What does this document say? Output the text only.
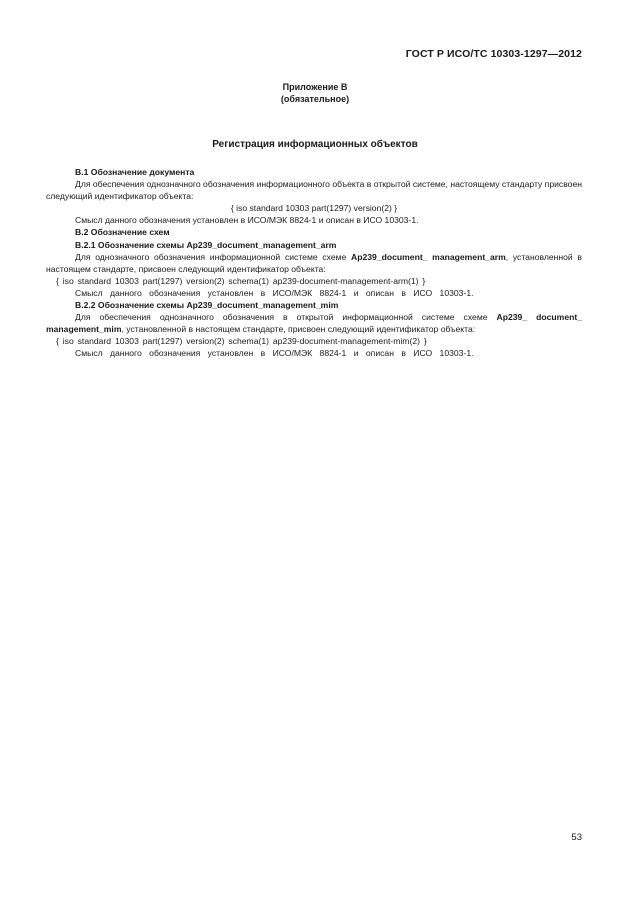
ГОСТ Р ИСО/ТС 10303-1297—2012
Приложение В
(обязательное)
Регистрация информационных объектов

В.1 Обозначение документа

Для обеспечения однозначного обозначения информационного объекта в открытой системе, настоящему стандарту присвоен следующий идентификатор объекта:

{ iso standard 10303 part(1297) version(2) }

Смысл данного обозначения установлен в ИСО/МЭК 8824-1 и описан в ИСО 10303-1.

В.2 Обозначение схем

В.2.1 Обозначение схемы Ap239_document_management_arm

Для однозначного обозначения информационной системе схеме Ap239_document_ management_arm, установленной в настоящем стандарте, присвоен следующий идентификатор объекта:

{ iso standard 10303 part(1297) version(2) schema(1) ap239-document-management-arm(1) }

Смысл данного обозначения установлен в ИСО/МЭК 8824-1 и описан в ИСО 10303-1.

В.2.2 Обозначение схемы Ap239_document_management_mim

Для обеспечения однозначного обозначения в открытой информационной системе схеме Ap239_ document_ management_mim, установленной в настоящем стандарте, присвоен следующий идентификатор объекта:

{ iso standard 10303 part(1297) version(2) schema(1) ap239-document-management-mim(2) }

Смысл данного обозначения установлен в ИСО/МЭК 8824-1 и описан в ИСО 10303-1.

53
